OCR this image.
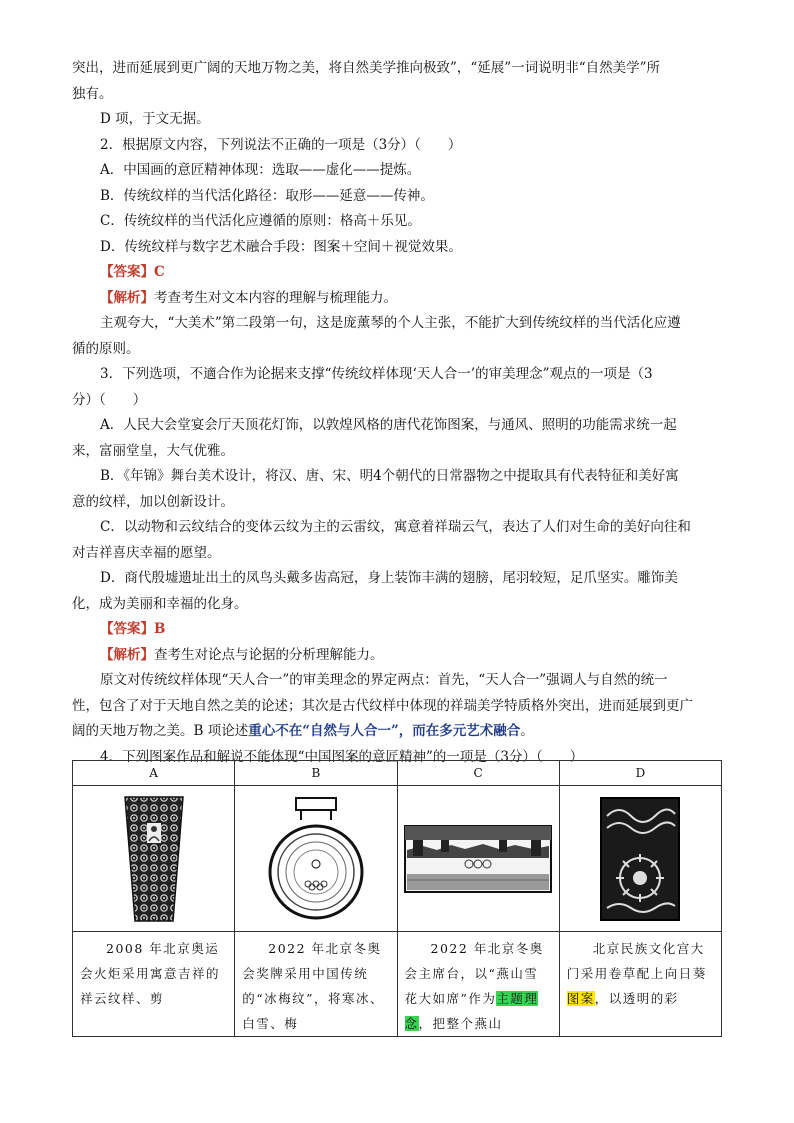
突出，进而延展到更广阔的天地万物之美，将自然美学推向极致”，“延展”一词说明非“自然美学”所
独有。
D 项，于文无据。
2．根据原文内容，下列说法不正确的一项是（3分）（　　）
A．中国画的意匠精神体现：选取——虚化——提炼。
B．传统纹样的当代活化路径：取形——延意——传神。
C．传统纹样的当代活化应遵循的原则：格高＋乐见。
D．传统纹样与数字艺术融合手段：图案＋空间＋视觉效果。
【答案】C
【解析】考查考生对文本内容的理解与梳理能力。
主观夸大，“大美术”第二段第一句，这是庞薰琴的个人主张，不能扩大到传统纹样的当代活化应遵
循的原则。
3．下列选项，不適合作为论据来支撑“传统纹样体现‘天人合一’的审美理念”观点的一项是（3
分）（　　）
A．人民大会堂宴会厅天顶花灯饰，以敦煌风格的唐代花饰图案，与通风、照明的功能需求统一起
来，富丽堂皇，大气优雅。
B．《年锦》舞台美术设计，将汉、唐、宋、明4个朝代的日常器物之中提取具有代表特征和美好寓
意的纹样，加以创新设计。
C．以动物和云纹结合的变体云纹为主的云雷纹，寓意着祥瑞云气，表达了人们对生命的美好向往和
对吉祥喜庆幸福的愿望。
D．商代殷墟遗址出土的凤鸟头戴多齿高冠，身上装饰丰满的翅膀，尾羽较短，足爪坚实。雕饰美
化，成为美丽和幸福的化身。
【答案】B
【解析】查考生对论点与论据的分析理解能力。
原文对传统纹样体现“天人合一”的审美理念的界定两点：首先，“天人合一”强调人与自然的统一
性，包含了对于天地自然之美的论述；其次是古代纹样中体现的祥瑞美学特质格外突出，进而延展到更广
阔的天地万物之美。B 项论述重心不在“自然与人合一”，而在多元艺术融合。
4．下列图案作品和解说不能体现“中国图案的意匠精神”的一项是（3分）（　　）
A	B	C	D

2008 年北京奥运会火炬采用寓意吉祥的祥云纹样、剪	2022 年北京冬奥会奖牌采用中国传统的“冰梅纹”，将寒冰、白雪、梅	2022 年北京冬奥会主席台，以“燕山雪花大如席”作为主题理念，把整个燕山	北京民族文化宫大门采用卷草配上向日葵图案，以透明的彩
